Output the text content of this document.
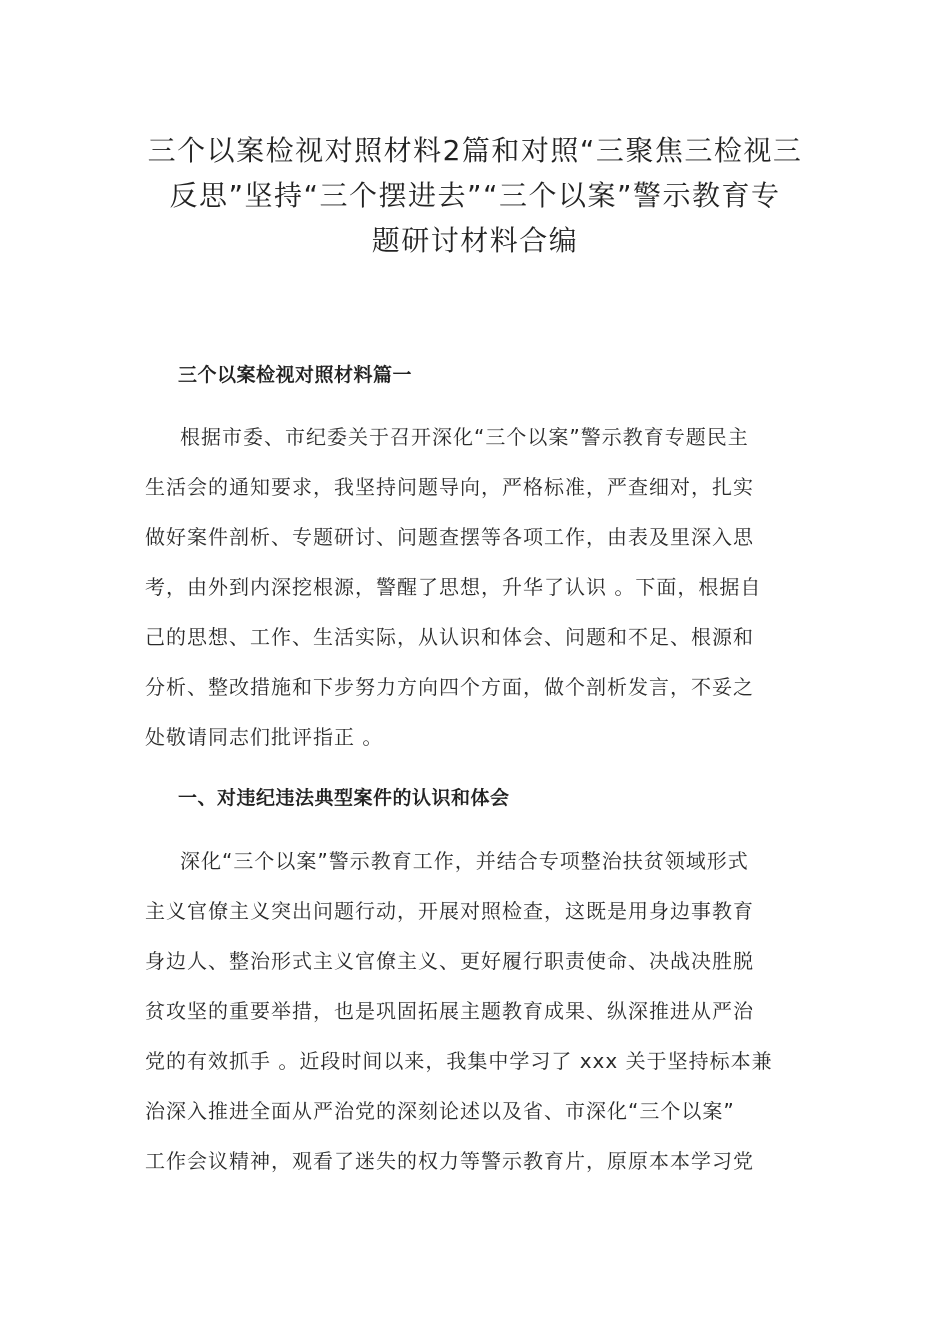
三个以案检视对照材料2篇和对照“三聚焦三检视三
反思”坚持“三个摆进去”“三个以案”警示教育专
题研讨材料合编
三个以案检视对照材料篇一
根据市委、市纪委关于召开深化“三个以案”警示教育专题民主
生活会的通知要求，我坚持问题导向，严格标准，严查细对，扎实
做好案件剖析、专题研讨、问题查摆等各项工作，由表及里深入思
考，由外到内深挖根源，警醒了思想，升华了认识 。下面，根据自
己的思想、工作、生活实际，从认识和体会、问题和不足、根源和
分析、整改措施和下步努力方向四个方面，做个剖析发言，不妥之
处敬请同志们批评指正 。
一、对违纪违法典型案件的认识和体会
深化“三个以案”警示教育工作，并结合专项整治扶贫领域形式
主义官僚主义突出问题行动，开展对照检查，这既是用身边事教育
身边人、整治形式主义官僚主义、更好履行职责使命、决战决胜脱
贫攻坚的重要举措，也是巩固拓展主题教育成果、纵深推进从严治
党的有效抓手 。近段时间以来，我集中学习了 xxx 关于坚持标本兼
治深入推进全面从严治党的深刻论述以及省、市深化“三个以案”
工作会议精神，观看了迷失的权力等警示教育片，原原本本学习党
